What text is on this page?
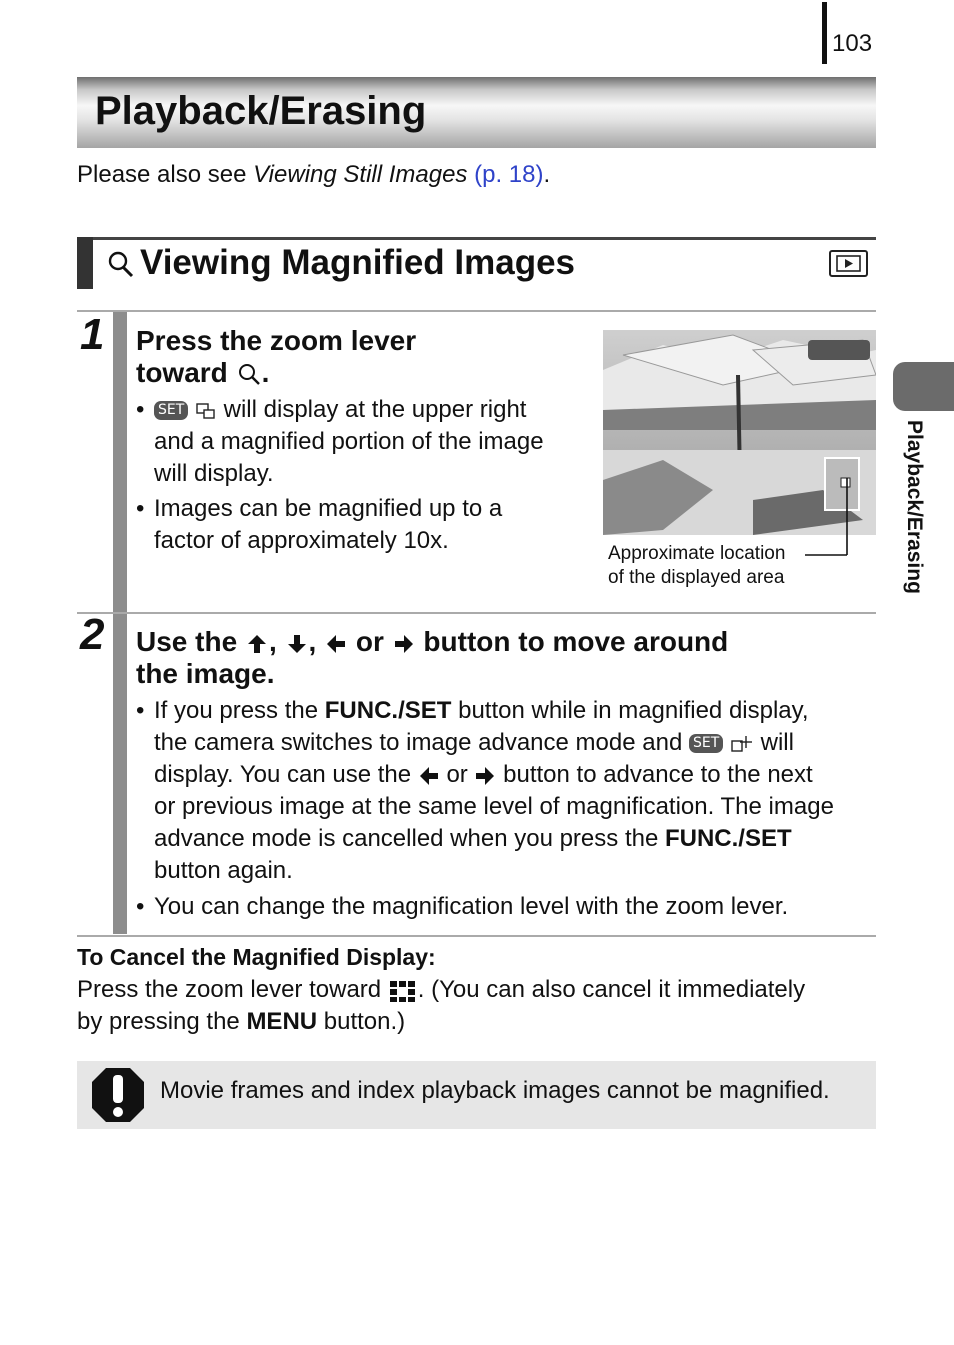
103
Playback/Erasing
Please also see Viewing Still Images (p. 18).
Viewing Magnified Images
1 Press the zoom lever
toward .
• SET will display at the upper right
and a magnified portion of the image
will display.
• Images can be magnified up to a
factor of approximately 10x.	Approximate location
of the displayed area
2 Use the , , or button to move around
the image.
• If you press the FUNC./SET button while in magnified display,
the camera switches to image advance mode and SET will
display. You can use the or button to advance to the next
or previous image at the same level of magnification. The image
advance mode is cancelled when you press the FUNC./SET
button again.
• You can change the magnification level with the zoom lever.
To Cancel the Magnified Display:
Press the zoom lever toward . (You can also cancel it immediately
by pressing the MENU button.)
Movie frames and index playback images cannot be magnified.
Playback/Erasing
